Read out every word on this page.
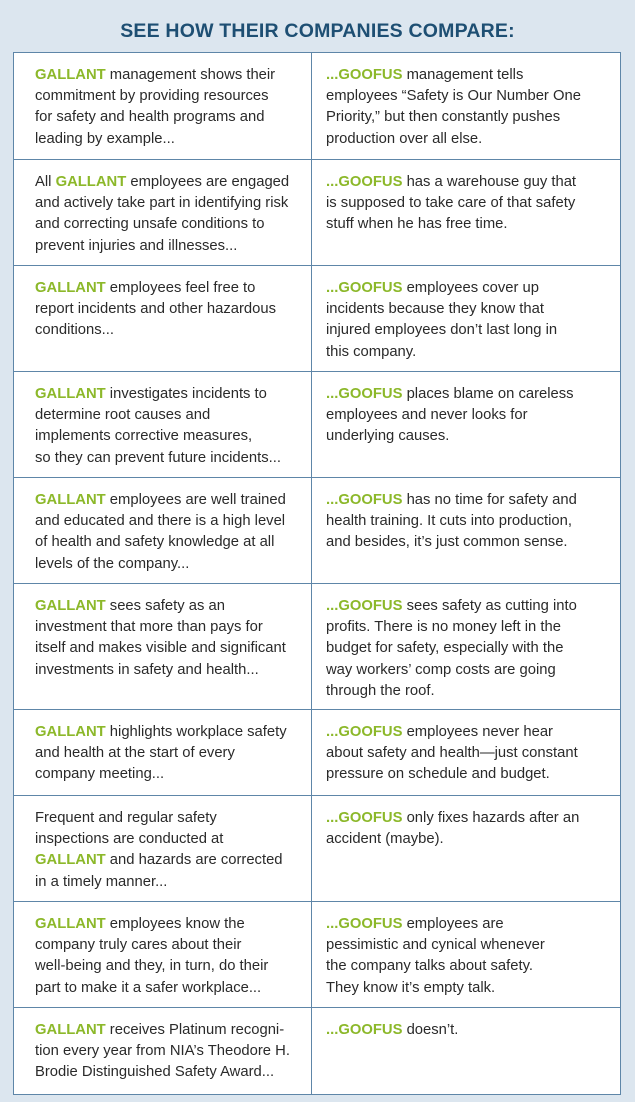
SEE HOW THEIR COMPANIES COMPARE:
GALLANT management shows their
commitment by providing resources
for safety and health programs and
leading by example...	...GOOFUS management tells
employees “Safety is Our Number One
Priority,” but then constantly pushes
production over all else.

All GALLANT employees are engaged
and actively take part in identifying risk
and correcting unsafe conditions to
prevent injuries and illnesses...	...GOOFUS has a warehouse guy that
is supposed to take care of that safety
stuff when he has free time.

GALLANT employees feel free to
report incidents and other hazardous
conditions...	...GOOFUS employees cover up
incidents because they know that
injured employees don’t last long in
this company.

GALLANT investigates incidents to
determine root causes and
implements corrective measures,
so they can prevent future incidents...	...GOOFUS places blame on careless
employees and never looks for
underlying causes.

GALLANT employees are well trained
and educated and there is a high level
of health and safety knowledge at all
levels of the company...	...GOOFUS has no time for safety and
health training. It cuts into production,
and besides, it’s just common sense.

GALLANT sees safety as an
investment that more than pays for
itself and makes visible and significant
investments in safety and health...	...GOOFUS sees safety as cutting into
profits. There is no money left in the
budget for safety, especially with the
way workers’ comp costs are going
through the roof.

GALLANT highlights workplace safety
and health at the start of every
company meeting...	...GOOFUS employees never hear
about safety and health—just constant
pressure on schedule and budget.

Frequent and regular safety
inspections are conducted at
GALLANT and hazards are corrected
in a timely manner...	...GOOFUS only fixes hazards after an
accident (maybe).

GALLANT employees know the
company truly cares about their
well-being and they, in turn, do their
part to make it a safer workplace...	...GOOFUS employees are
pessimistic and cynical whenever
the company talks about safety.
They know it’s empty talk.

GALLANT receives Platinum recogni-
tion every year from NIA’s Theodore H.
Brodie Distinguished Safety Award...	...GOOFUS doesn’t.
